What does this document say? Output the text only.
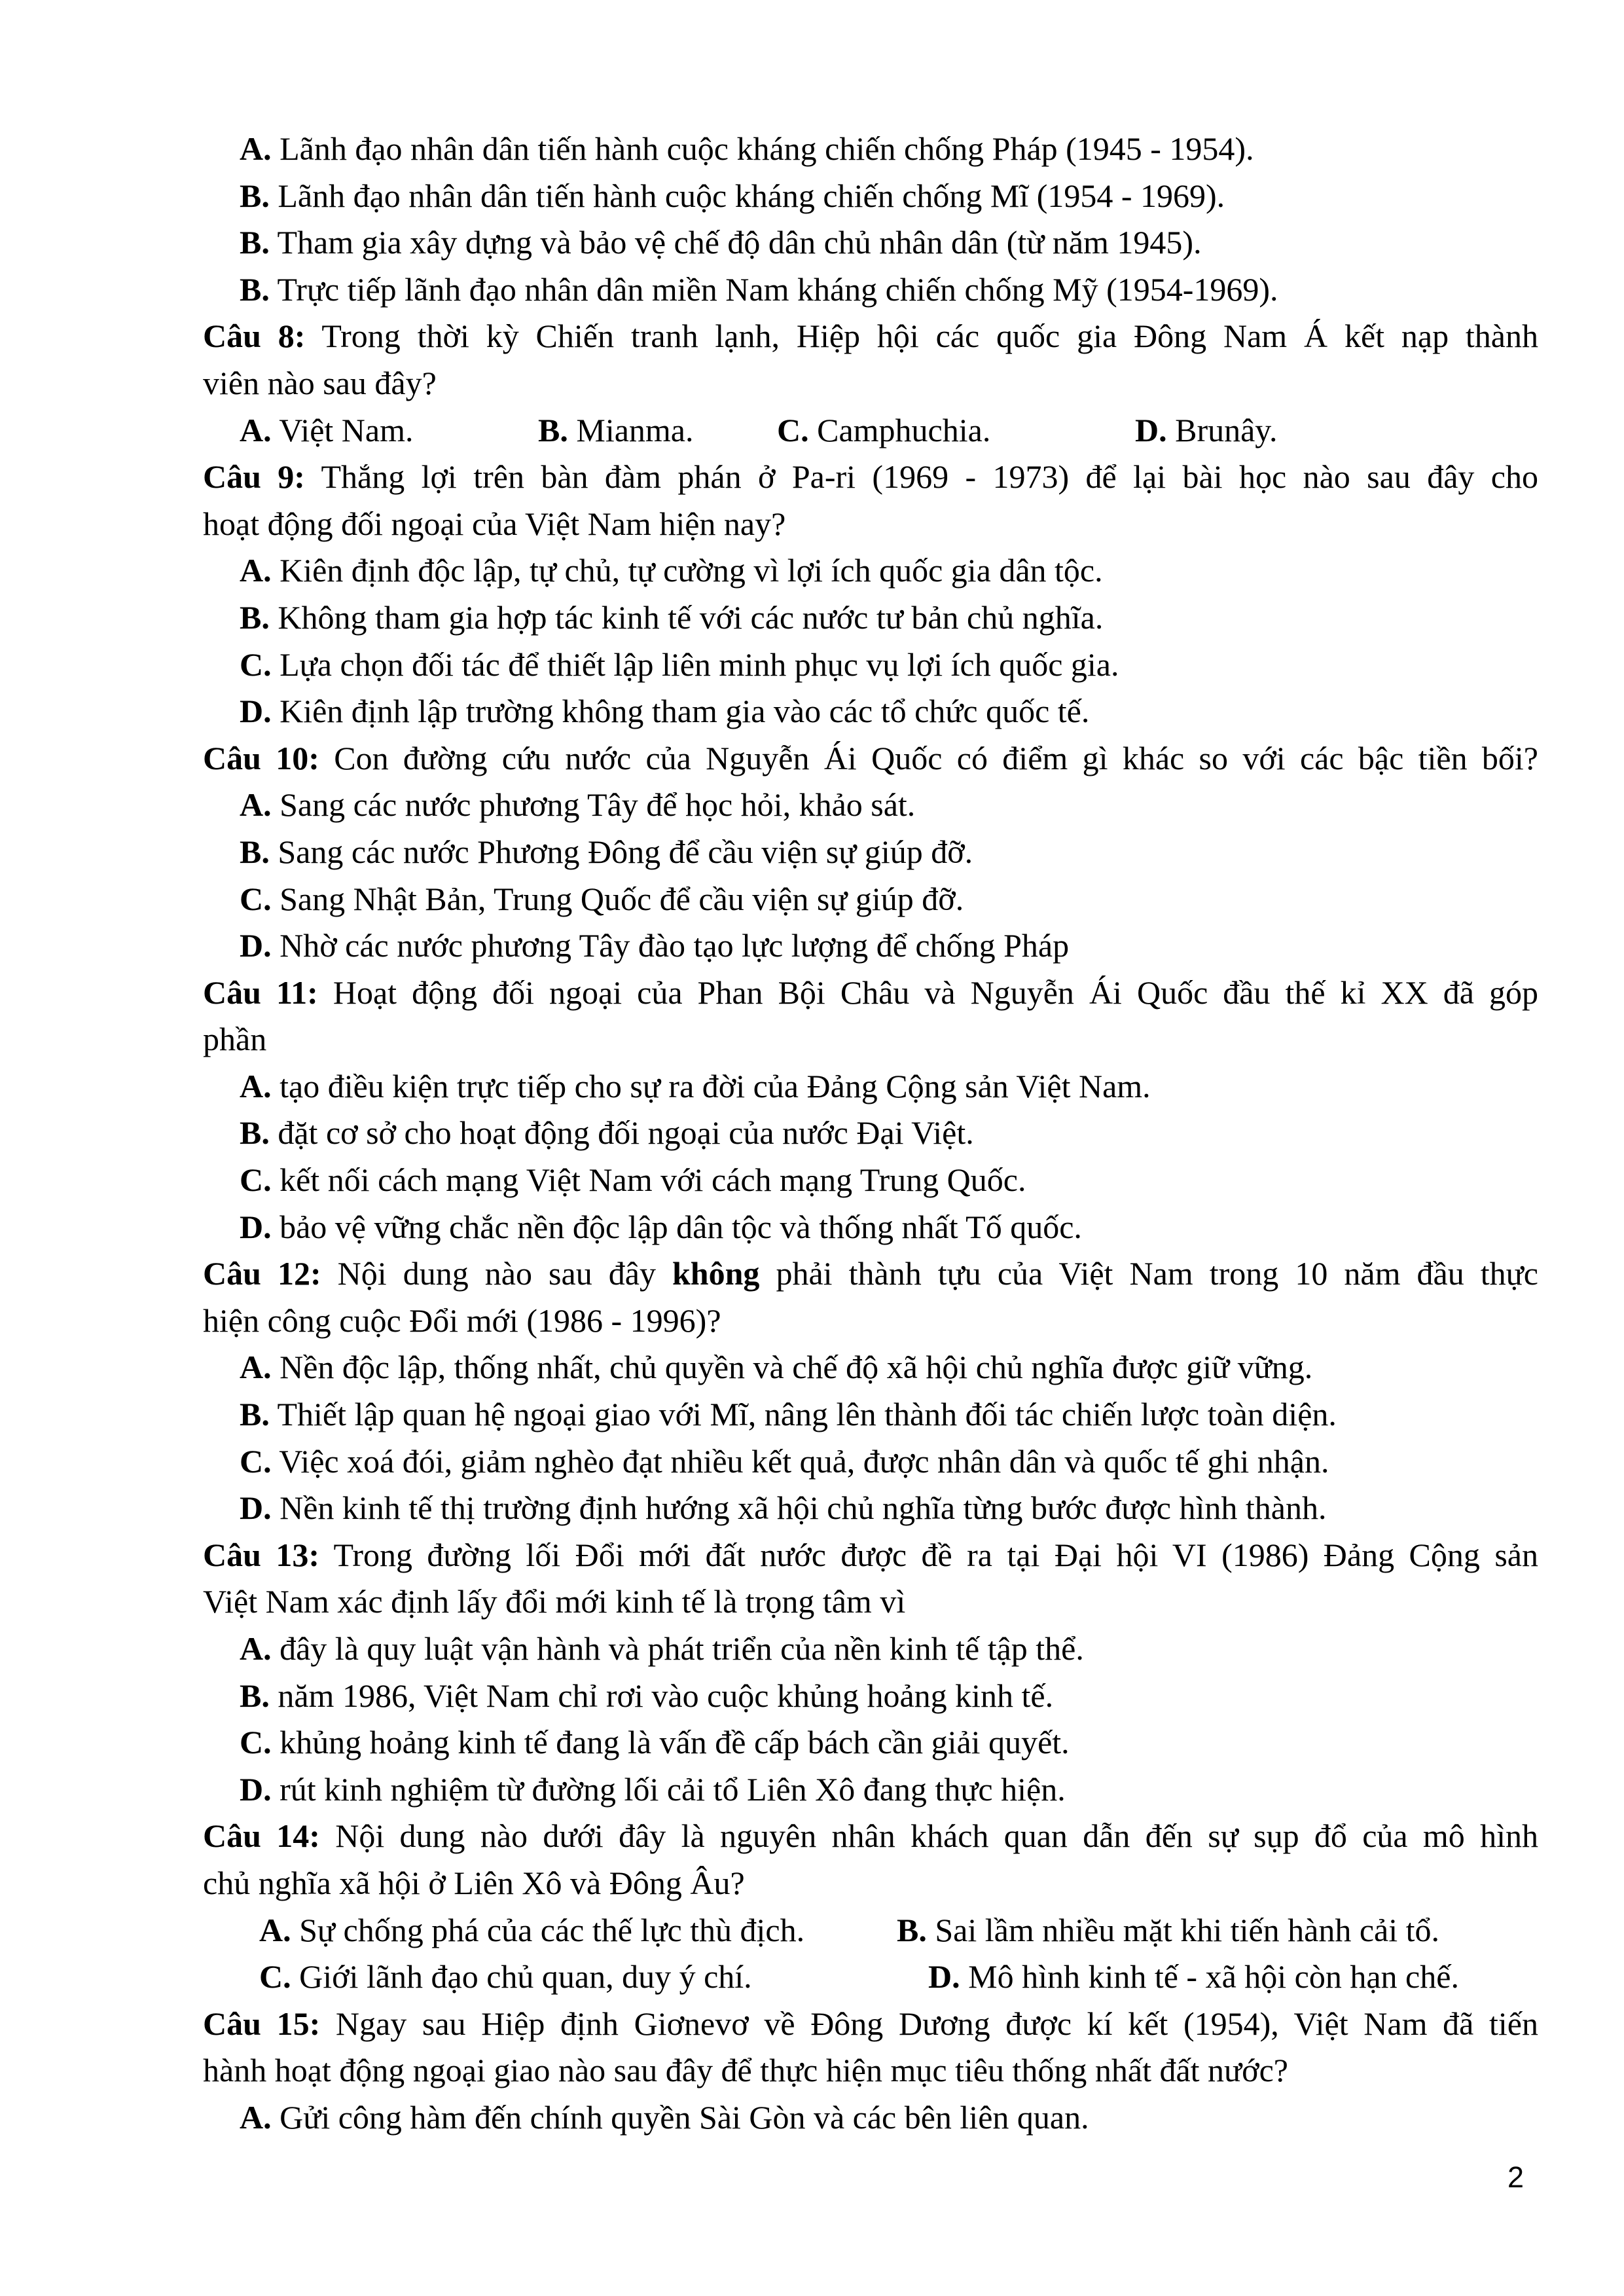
A. Lãnh đạo nhân dân tiến hành cuộc kháng chiến chống Pháp (1945 - 1954).
B. Lãnh đạo nhân dân tiến hành cuộc kháng chiến chống Mĩ (1954 - 1969).
B. Tham gia xây dựng và bảo vệ chế độ dân chủ nhân dân (từ năm 1945).
B. Trực tiếp lãnh đạo nhân dân miền Nam kháng chiến chống Mỹ (1954-1969).
Câu 8: Trong thời kỳ Chiến tranh lạnh, Hiệp hội các quốc gia Đông Nam Á kết nạp thành
viên nào sau đây?
A. Việt Nam.	B. Mianma.	C. Camphuchia.	D. Brunây.
Câu 9: Thắng lợi trên bàn đàm phán ở Pa-ri (1969 - 1973) để lại bài học nào sau đây cho
hoạt động đối ngoại của Việt Nam hiện nay?
A. Kiên định độc lập, tự chủ, tự cường vì lợi ích quốc gia dân tộc.
B. Không tham gia hợp tác kinh tế với các nước tư bản chủ nghĩa.
C. Lựa chọn đối tác để thiết lập liên minh phục vụ lợi ích quốc gia.
D. Kiên định lập trường không tham gia vào các tổ chức quốc tế.
Câu 10: Con đường cứu nước của Nguyễn Ái Quốc có điểm gì khác so với các bậc tiền bối?
A. Sang các nước phương Tây để học hỏi, khảo sát.
B. Sang các nước Phương Đông để cầu viện sự giúp đỡ.
C. Sang Nhật Bản, Trung Quốc để cầu viện sự giúp đỡ.
D. Nhờ các nước phương Tây đào tạo lực lượng để chống Pháp
Câu 11: Hoạt động đối ngoại của Phan Bội Châu và Nguyễn Ái Quốc đầu thế kỉ XX đã góp
phần
A. tạo điều kiện trực tiếp cho sự ra đời của Đảng Cộng sản Việt Nam.
B. đặt cơ sở cho hoạt động đối ngoại của nước Đại Việt.
C. kết nối cách mạng Việt Nam với cách mạng Trung Quốc.
D. bảo vệ vững chắc nền độc lập dân tộc và thống nhất Tố quốc.
Câu 12: Nội dung nào sau đây không phải thành tựu của Việt Nam trong 10 năm đầu thực
hiện công cuộc Đổi mới (1986 - 1996)?
A. Nền độc lập, thống nhất, chủ quyền và chế độ xã hội chủ nghĩa được giữ vững.
B. Thiết lập quan hệ ngoại giao với Mĩ, nâng lên thành đối tác chiến lược toàn diện.
C. Việc xoá đói, giảm nghèo đạt nhiều kết quả, được nhân dân và quốc tế ghi nhận.
D. Nền kinh tế thị trường định hướng xã hội chủ nghĩa từng bước được hình thành.
Câu 13: Trong đường lối Đổi mới đất nước được đề ra tại Đại hội VI (1986) Đảng Cộng sản
Việt Nam xác định lấy đổi mới kinh tế là trọng tâm vì
A. đây là quy luật vận hành và phát triển của nền kinh tế tập thể.
B. năm 1986, Việt Nam chỉ rơi vào cuộc khủng hoảng kinh tế.
C. khủng hoảng kinh tế đang là vấn đề cấp bách cần giải quyết.
D. rút kinh nghiệm từ đường lối cải tổ Liên Xô đang thực hiện.
Câu 14: Nội dung nào dưới đây là nguyên nhân khách quan dẫn đến sự sụp đổ của mô hình
chủ nghĩa xã hội ở Liên Xô và Đông Âu?
A. Sự chống phá của các thế lực thù địch.	B. Sai lầm nhiều mặt khi tiến hành cải tổ.
C. Giới lãnh đạo chủ quan, duy ý chí.	D. Mô hình kinh tế - xã hội còn hạn chế.
Câu 15: Ngay sau Hiệp định Giơnevơ về Đông Dương được kí kết (1954), Việt Nam đã tiến
hành hoạt động ngoại giao nào sau đây để thực hiện mục tiêu thống nhất đất nước?
A. Gửi công hàm đến chính quyền Sài Gòn và các bên liên quan.
2
